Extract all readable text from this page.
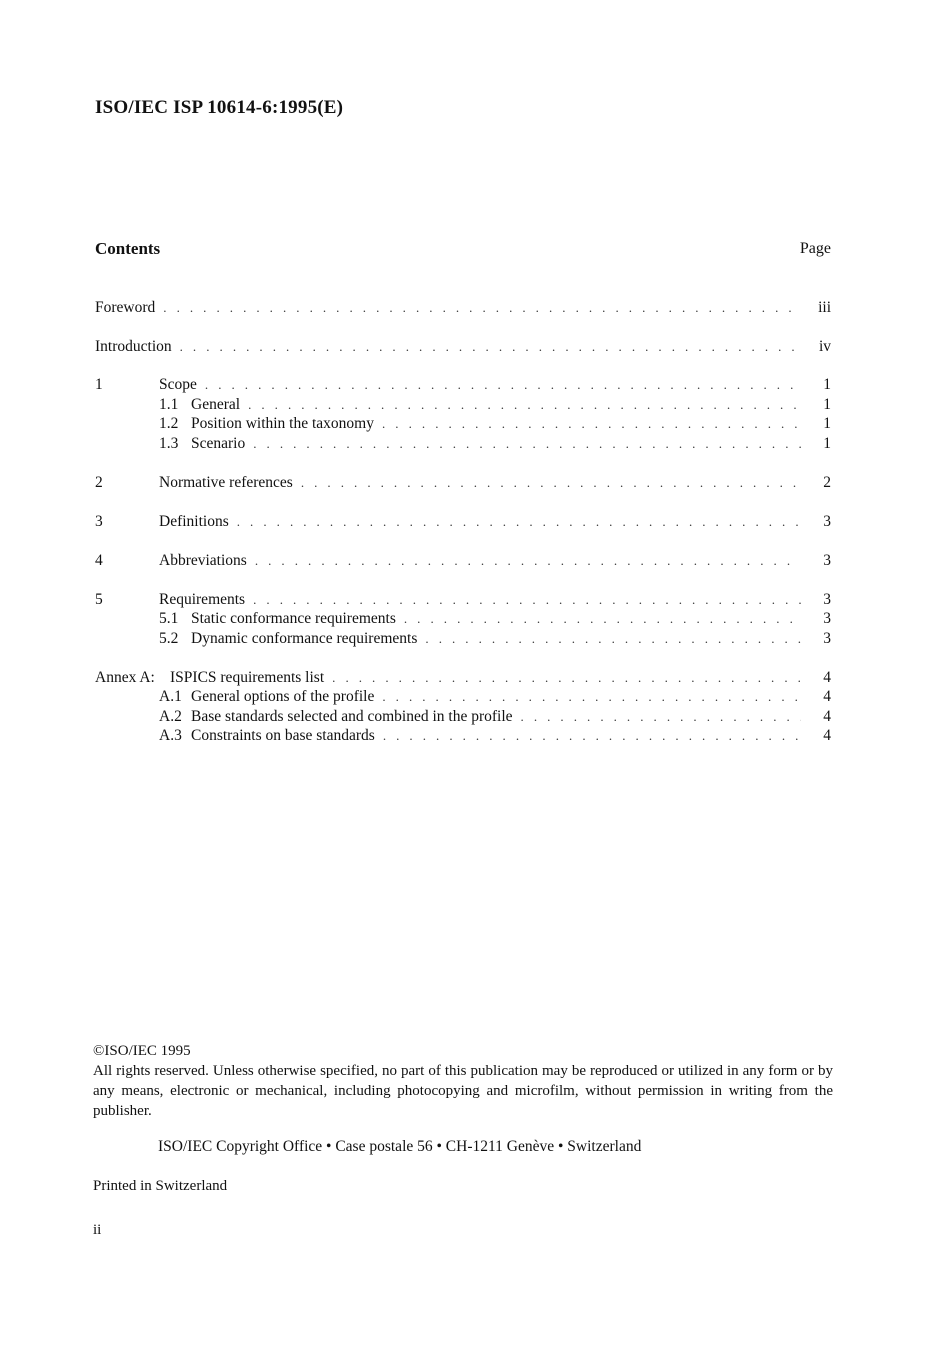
ISO/IEC ISP 10614-6:1995(E)
Contents	Page
Foreword . . .	iii
Introduction . . .	iv
1	Scope . . .	1
1.1 General . . .	1
1.2 Position within the taxonomy . . .	1
1.3 Scenario . . .	1
2	Normative references . . .	2
3	Definitions . . .	3
4	Abbreviations . . .	3
5	Requirements . . .	3
5.1 Static conformance requirements . . .	3
5.2 Dynamic conformance requirements . . .	3
Annex A: ISPICS requirements list . . .	4
A.1 General options of the profile . . .	4
A.2 Base standards selected and combined in the profile . . .	4
A.3 Constraints on base standards . . .	4
©ISO/IEC 1995
All rights reserved. Unless otherwise specified, no part of this publication may be reproduced or utilized in any form or by any means, electronic or mechanical, including photocopying and microfilm, without permission in writing from the publisher.
ISO/IEC Copyright Office • Case postale 56 • CH-1211 Genève • Switzerland
Printed in Switzerland
ii
